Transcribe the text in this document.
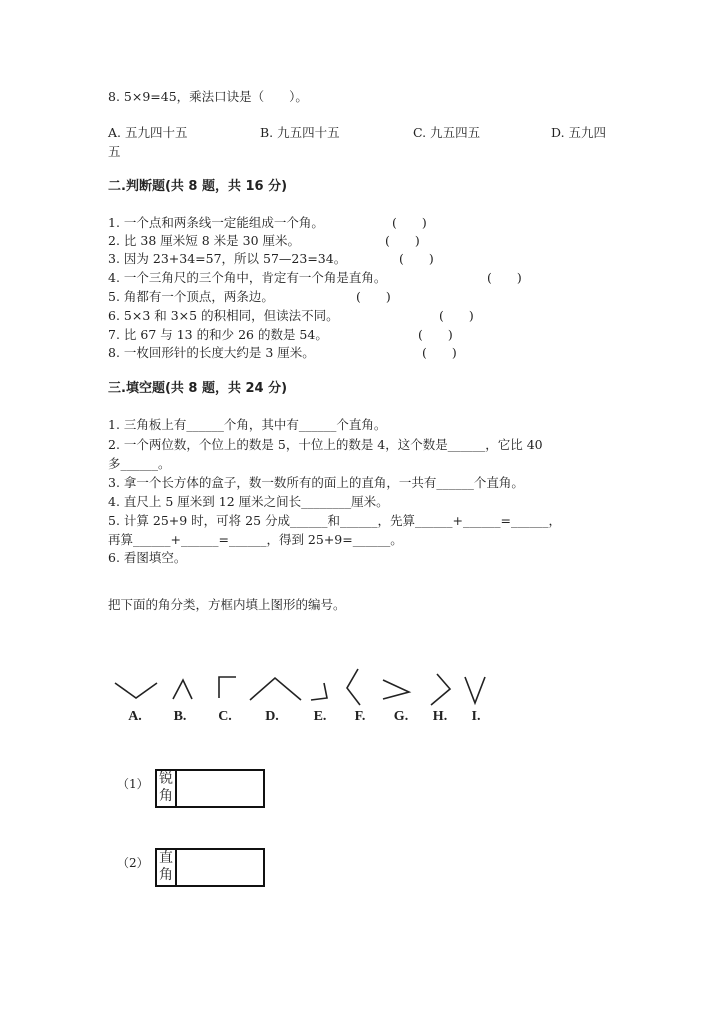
8. 5×9=45，乘法口诀是（　　）。
A. 五九四十五	B. 九五四十五	C. 九五四五	D. 五九四
五
二.判断题(共 8 题，共 16 分)
1. 一个点和两条线一定能组成一个角。	(　　)
2. 比 38 厘米短 8 米是 30 厘米。	(　　)
3. 因为 23+34=57，所以 57—23=34。	(　　)
4. 一个三角尺的三个角中，肯定有一个角是直角。	(　　)
5. 角都有一个顶点，两条边。	(　　)
6. 5×3 和 3×5 的积相同，但读法不同。	(　　)
7. 比 67 与 13 的和少 26 的数是 54。	(　　)
8. 一枚回形针的长度大约是 3 厘米。	(　　)
三.填空题(共 8 题，共 24 分)
1. 三角板上有______个角，其中有______个直角。
2. 一个两位数，个位上的数是 5，十位上的数是 4，这个数是______，它比 40
多______。
3. 拿一个长方体的盒子，数一数所有的面上的直角，一共有______个直角。
4. 直尺上 5 厘米到 12 厘米之间长________厘米。
5. 计算 25+9 时，可将 25 分成______和______，先算______+______=______，
再算______+______=______，得到 25+9=______。
6. 看图填空。
把下面的角分类，方框内填上图形的编号。
A. B. C. D. E. F. G. H. I.
（1） 锐
角
（2） 直
角
